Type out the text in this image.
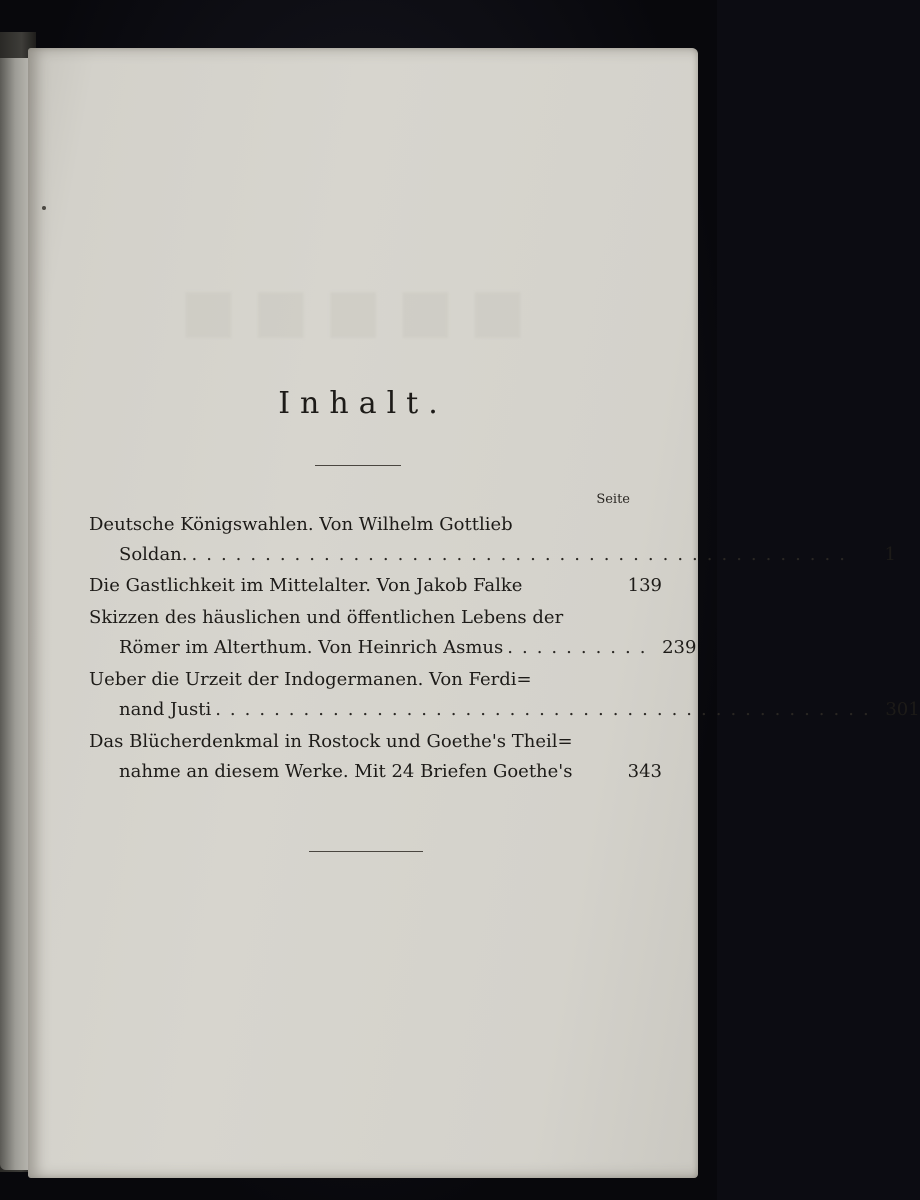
▪▪▪▪▪
Inhalt.
Seite
Deutsche Königswahlen. Von Wilhelm Gottlieb
Soldan. .............................................	1
Die Gastlichkeit im Mittelalter. Von Jakob Falke	139
Skizzen des häuslichen und öffentlichen Lebens der
Römer im Alterthum. Von Heinrich Asmus .......... 239
Ueber die Urzeit der Indogermanen. Von Ferdi=
nand Justi ............................................. 301
Das Blücherdenkmal in Rostock und Goethe's Theil=
nahme an diesem Werke. Mit 24 Briefen Goethe's	343
